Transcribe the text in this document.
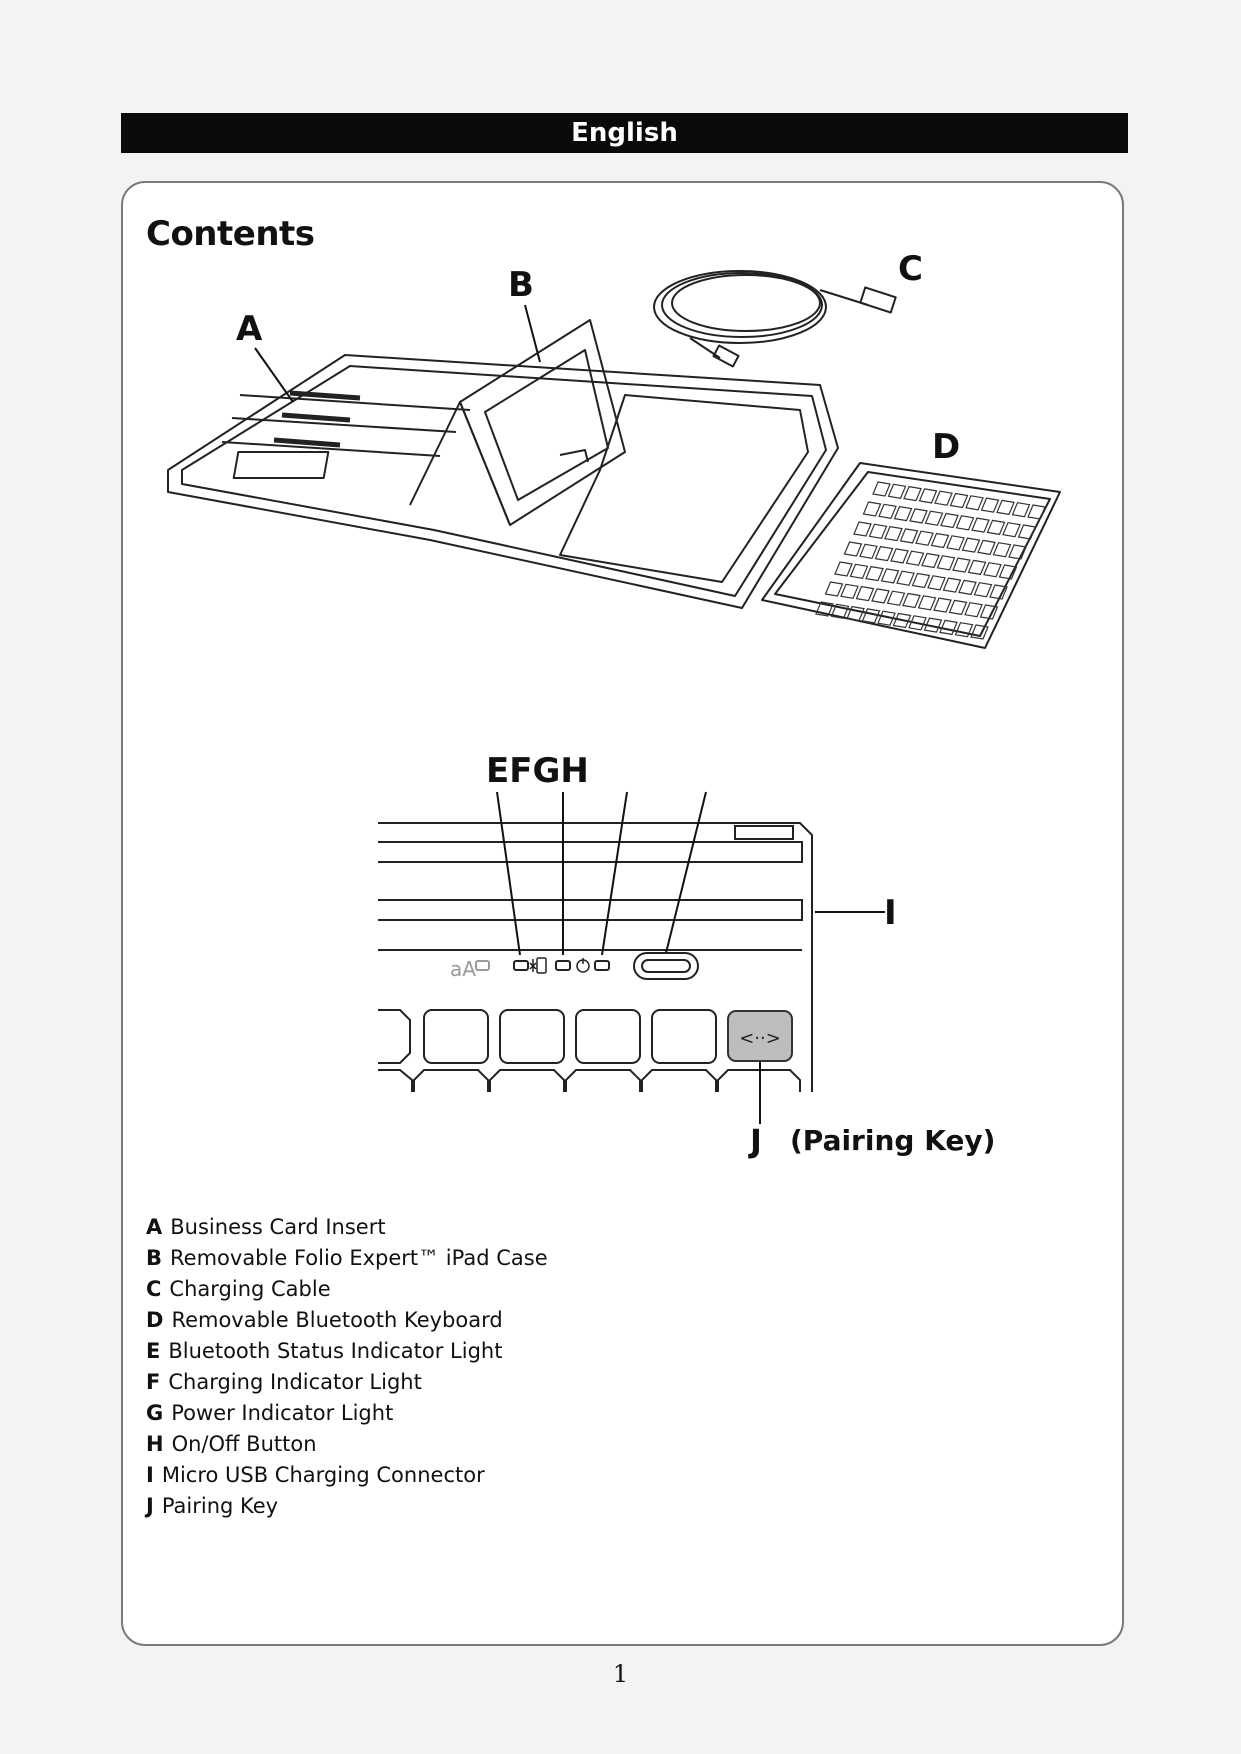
English
Contents
A
B	C
D
<··>
aA
EFGH
I
J (Pairing Key)
A Business Card Insert
B Removable Folio Expert™ iPad Case
C Charging Cable
D Removable Bluetooth Keyboard
E Bluetooth Status Indicator Light
F Charging Indicator Light
G Power Indicator Light
H On/Off Button
I Micro USB Charging Connector
J Pairing Key
1
